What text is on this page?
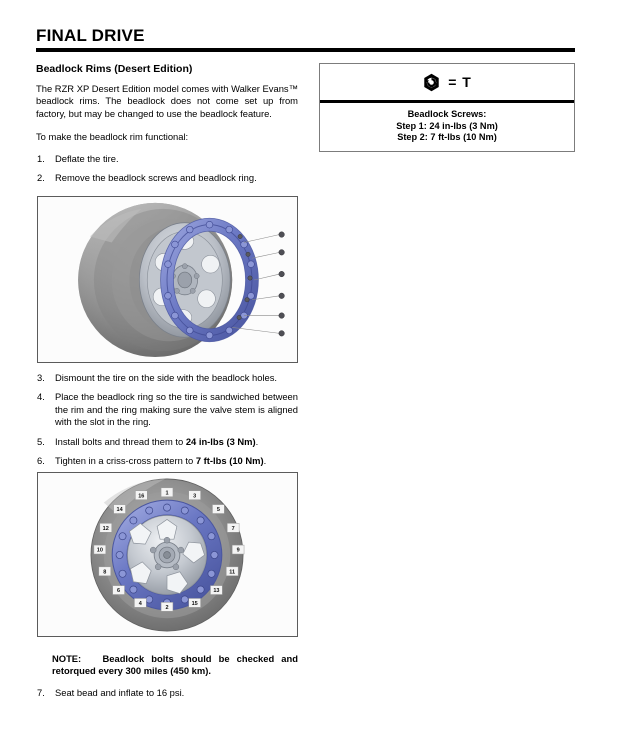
FINAL DRIVE
= T
Beadlock Screws:
Step 1: 24 in-lbs (3 Nm)
Step 2: 7 ft-lbs (10 Nm)
Beadlock Rims (Desert Edition)

The RZR XP Desert Edition model comes with Walker Evans™ beadlock rims. The beadlock does not come set up from factory, but may be changed to use the beadlock feature.

To make the beadlock rim functional:

1.	Deflate the tire.
2.	Remove the beadlock screws and beadlock ring.
3.	Dismount the tire on the side with the beadlock holes.
4.	Place the beadlock ring so the tire is sandwiched between the rim and the ring making sure the valve stem is aligned with the slot in the ring.
5.	Install bolts and thread them to 24 in-lbs (3 Nm).
6.	Tighten in a criss-cross pattern to 7 ft-lbs (10 Nm).
1	3
5
7
9
11
13
15
2
4
6
8
10
12
14
16
NOTE: Beadlock bolts should be checked and retorqued every 300 miles (450 km).
7.	Seat bead and inflate to 16 psi.
